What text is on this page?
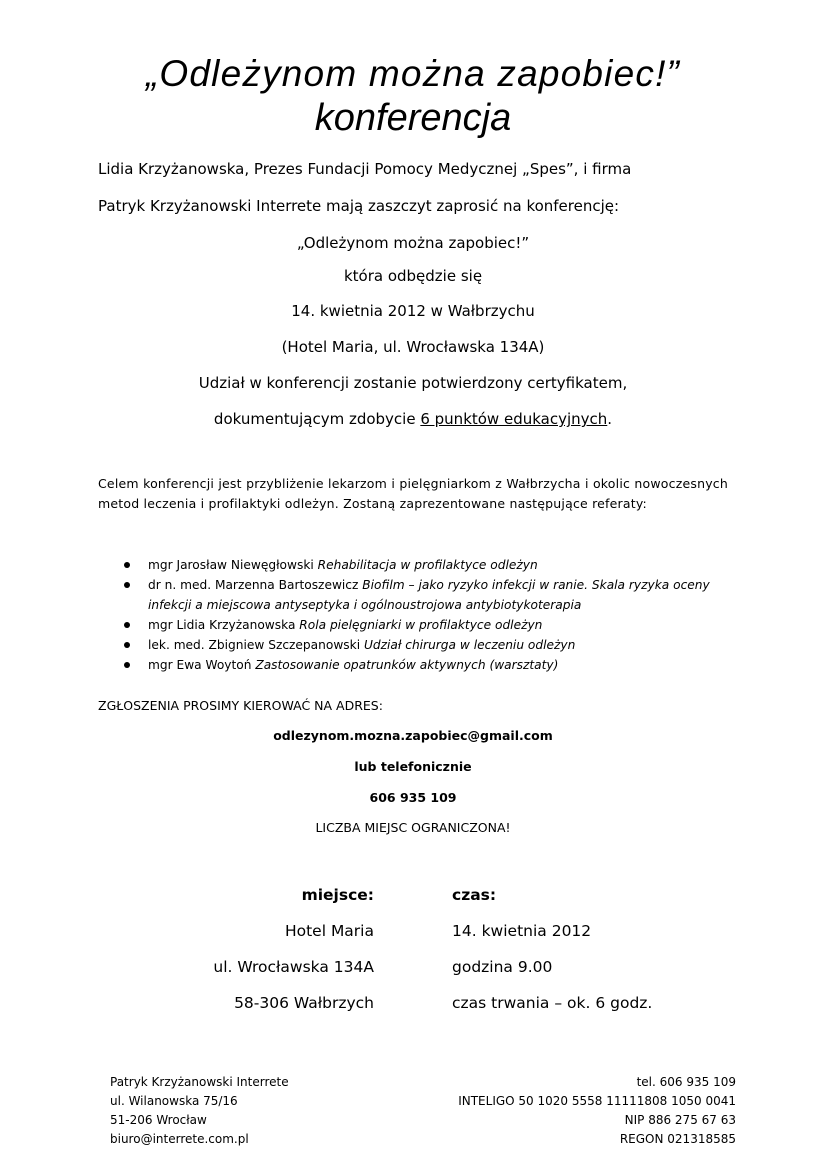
„Odleżynom można zapobiec!”
konferencja
Lidia Krzyżanowska, Prezes Fundacji Pomocy Medycznej „Spes”, i firma
Patryk Krzyżanowski Interrete mają zaszczyt zaprosić na konferencję:
„Odleżynom można zapobiec!”
która odbędzie się
14. kwietnia 2012 w Wałbrzychu
(Hotel Maria, ul. Wrocławska 134A)
Udział w konferencji zostanie potwierdzony certyfikatem,
dokumentującym zdobycie 6 punktów edukacyjnych.
Celem konferencji jest przybliżenie lekarzom i pielęgniarkom z Wałbrzycha i okolic nowoczesnych metod leczenia i profilaktyki odleżyn. Zostaną zaprezentowane następujące referaty:
mgr Jarosław Niewęgłowski Rehabilitacja w profilaktyce odleżyn
dr n. med. Marzenna Bartoszewicz Biofilm – jako ryzyko infekcji w ranie. Skala ryzyka oceny infekcji a miejscowa antyseptyka i ogólnoustrojowa antybiotykoterapia
mgr Lidia Krzyżanowska Rola pielęgniarki w profilaktyce odleżyn
lek. med. Zbigniew Szczepanowski Udział chirurga w leczeniu odleżyn
mgr Ewa Woytoń Zastosowanie opatrunków aktywnych (warsztaty)
ZGŁOSZENIA PROSIMY KIEROWAĆ NA ADRES:
odlezynom.mozna.zapobiec@gmail.com
lub telefonicznie
606 935 109
LICZBA MIEJSC OGRANICZONA!
miejsce:	czas:
Hotel Maria	14. kwietnia 2012
ul. Wrocławska 134A	godzina 9.00
58-306 Wałbrzych	czas trwania – ok. 6 godz.
Patryk Krzyżanowski Interrete
ul. Wilanowska 75/16
51-206 Wrocław
biuro@interrete.com.pl
tel. 606 935 109
INTELIGO 50 1020 5558 11111808 1050 0041
NIP 886 275 67 63
REGON 021318585
